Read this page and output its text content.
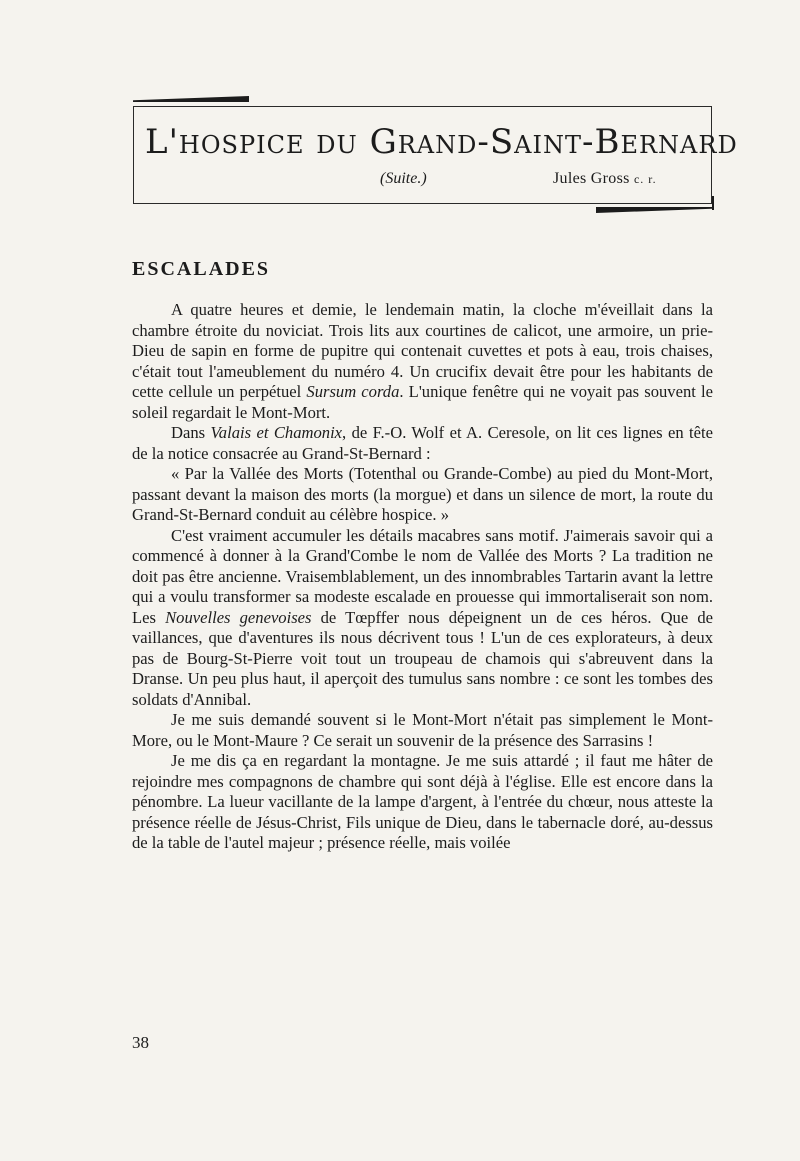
L'hospice du Grand-Saint-Bernard
(Suite.)	Jules Gross c. r.
ESCALADES

A quatre heures et demie, le lendemain matin, la cloche m'éveillait dans la chambre étroite du noviciat. Trois lits aux courtines de calicot, une armoire, un prie-Dieu de sapin en forme de pupitre qui contenait cuvettes et pots à eau, trois chaises, c'était tout l'ameublement du numéro 4. Un crucifix devait être pour les habitants de cette cellule un perpétuel Sursum corda. L'unique fenêtre qui ne voyait pas souvent le soleil regardait le Mont-Mort.

Dans Valais et Chamonix, de F.-O. Wolf et A. Ceresole, on lit ces lignes en tête de la notice consacrée au Grand-St-Bernard :

« Par la Vallée des Morts (Totenthal ou Grande-Combe) au pied du Mont-Mort, passant devant la maison des morts (la morgue) et dans un silence de mort, la route du Grand-St-Bernard conduit au célèbre hospice. »

C'est vraiment accumuler les détails macabres sans motif. J'aimerais savoir qui a commencé à donner à la Grand'Combe le nom de Vallée des Morts ? La tradition ne doit pas être ancienne. Vraisemblablement, un des innombrables Tartarin avant la lettre qui a voulu transformer sa modeste escalade en prouesse qui immortaliserait son nom. Les Nouvelles genevoises de Tœpffer nous dépeignent un de ces héros. Que de vaillances, que d'aventures ils nous décrivent tous ! L'un de ces explorateurs, à deux pas de Bourg-St-Pierre voit tout un troupeau de chamois qui s'abreuvent dans la Dranse. Un peu plus haut, il aperçoit des tumulus sans nombre : ce sont les tombes des soldats d'Annibal.

Je me suis demandé souvent si le Mont-Mort n'était pas simplement le Mont-More, ou le Mont-Maure ? Ce serait un souvenir de la présence des Sarrasins !

Je me dis ça en regardant la montagne. Je me suis attardé ; il faut me hâter de rejoindre mes compagnons de chambre qui sont déjà à l'église. Elle est encore dans la pénombre. La lueur vacillante de la lampe d'argent, à l'entrée du chœur, nous atteste la présence réelle de Jésus-Christ, Fils unique de Dieu, dans le tabernacle doré, au-dessus de la table de l'autel majeur ; présence réelle, mais voilée

38
